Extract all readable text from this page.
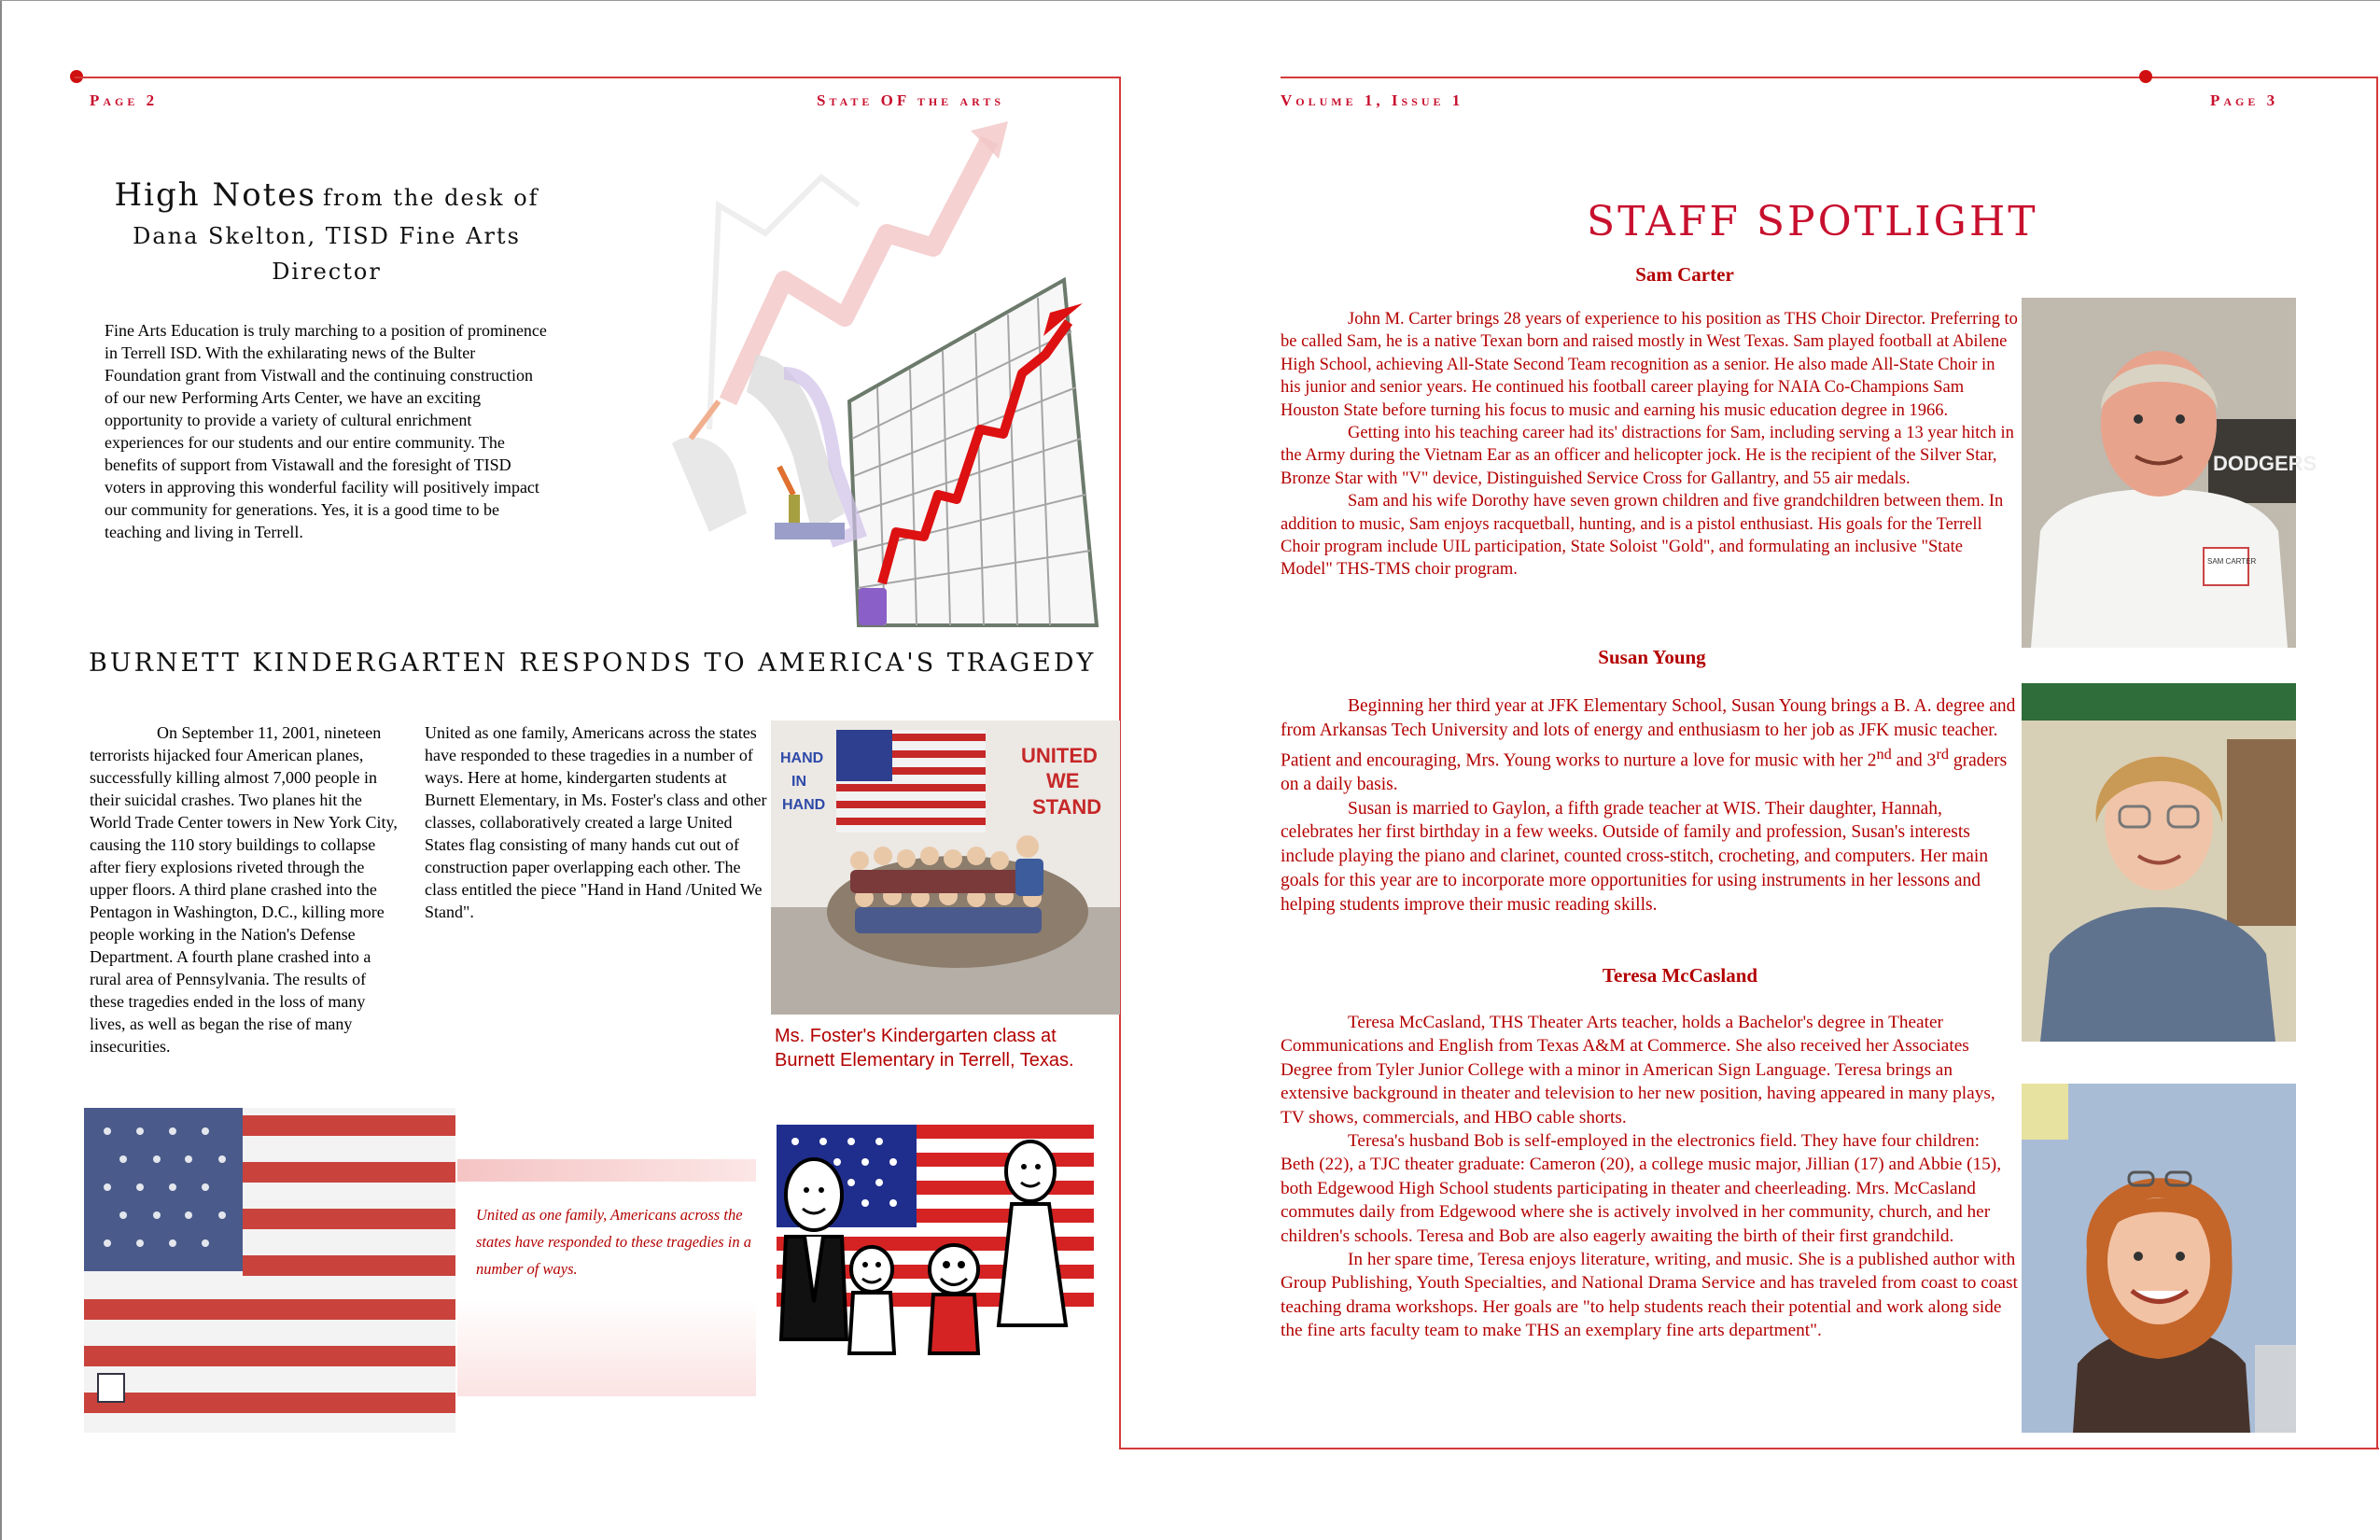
Page 2	State OF the arts	Volume 1, Issue 1	Page 3
High Notes from the desk of
Dana Skelton, TISD Fine Arts
Director
Fine Arts Education is truly marching to a position of prominence in Terrell ISD. With the exhilarating news of the Bulter Foundation grant from Vistwall and the continuing construction of our new Performing Arts Center, we have an exciting opportunity to provide a variety of cultural enrichment experiences for our students and our entire community. The benefits of support from Vistawall and the foresight of TISD voters in approving this wonderful facility will positively impact our community for generations. Yes, it is a good time to be teaching and living in Terrell.
BURNETT KINDERGARTEN RESPONDS TO AMERICA'S TRAGEDY

On September 11, 2001, nineteen terrorists hijacked four American planes, successfully killing almost 7,000 people in their suicidal crashes. Two planes hit the World Trade Center towers in New York City, causing the 110 story buildings to collapse after fiery explosions riveted through the upper floors. A third plane crashed into the Pentagon in Washington, D.C., killing more people working in the Nation's Defense Department. A fourth plane crashed into a rural area of Pennsylvania. The results of these tragedies ended in the loss of many lives, as well as began the rise of many insecurities.

United as one family, Americans across the states
have responded to these tragedies in a number of ways. Here at home, kindergarten students at Burnett Elementary, in Ms. Foster's class and other classes, collaboratively created a large United States flag consisting of many hands cut out of construction paper overlapping each other. The class entitled the piece "Hand in Hand /United We Stand".
HAND
IN
HAND
UNITED
WE
STAND
Ms. Foster's Kindergarten class at Burnett Elementary in Terrell, Texas.
United as one family, Americans across the states have responded to these tragedies in a number of ways.
STAFF SPOTLIGHT
Sam Carter

John M. Carter brings 28 years of experience to his position as THS Choir Director. Preferring to be called Sam, he is a native Texan born and raised mostly in West Texas. Sam played football at Abilene High School, achieving All-State Second Team recognition as a senior. He also made All-State Choir in his junior and senior years. He continued his football career playing for NAIA Co-Champions Sam Houston State before turning his focus to music and earning his music education degree in 1966.

Getting into his teaching career had its' distractions for Sam, including serving a 13 year hitch in the Army during the Vietnam Ear as an officer and helicopter jock. He is the recipient of the Silver Star, Bronze Star with "V" device, Distinguished Service Cross for Gallantry, and 55 air medals.

Sam and his wife Dorothy have seven grown children and five grandchildren between them. In addition to music, Sam enjoys racquetball, hunting, and is a pistol enthusiast. His goals for the Terrell Choir program include UIL participation, State Soloist "Gold", and formulating an inclusive "State Model" THS-TMS choir program.

DODGERS
SAM CARTER
Susan Young

Beginning her third year at JFK Elementary School, Susan Young brings a B. A. degree and from Arkansas Tech University and lots of energy and enthusiasm to her job as JFK music teacher. Patient and encouraging, Mrs. Young works to nurture a love for music with her 2nd and 3rd graders on a daily basis.

Susan is married to Gaylon, a fifth grade teacher at WIS. Their daughter, Hannah, celebrates her first birthday in a few weeks. Outside of family and profession, Susan's interests include playing the piano and clarinet, counted cross-stitch, crocheting, and computers. Her main goals for this year are to incorporate more opportunities for using instruments in her lessons and helping students improve their music reading skills.

Teresa McCasland

Teresa McCasland, THS Theater Arts teacher, holds a Bachelor's degree in Theater Communications and English from Texas A&M at Commerce. She also received her Associates Degree from Tyler Junior College with a minor in American Sign Language. Teresa brings an extensive background in theater and television to her new position, having appeared in many plays, TV shows, commercials, and HBO cable shorts.

Teresa's husband Bob is self-employed in the electronics field. They have four children: Beth (22), a TJC theater graduate: Cameron (20), a college music major, Jillian (17) and Abbie (15), both Edgewood High School students participating in theater and cheerleading. Mrs. McCasland commutes daily from Edgewood where she is actively involved in her community, church, and her children's schools. Teresa and Bob are also eagerly awaiting the birth of their first grandchild.

In her spare time, Teresa enjoys literature, writing, and music. She is a published author with Group Publishing, Youth Specialties, and National Drama Service and has traveled from coast to coast teaching drama workshops. Her goals are "to help students reach their potential and work along side the fine arts faculty team to make THS an exemplary fine arts department".
